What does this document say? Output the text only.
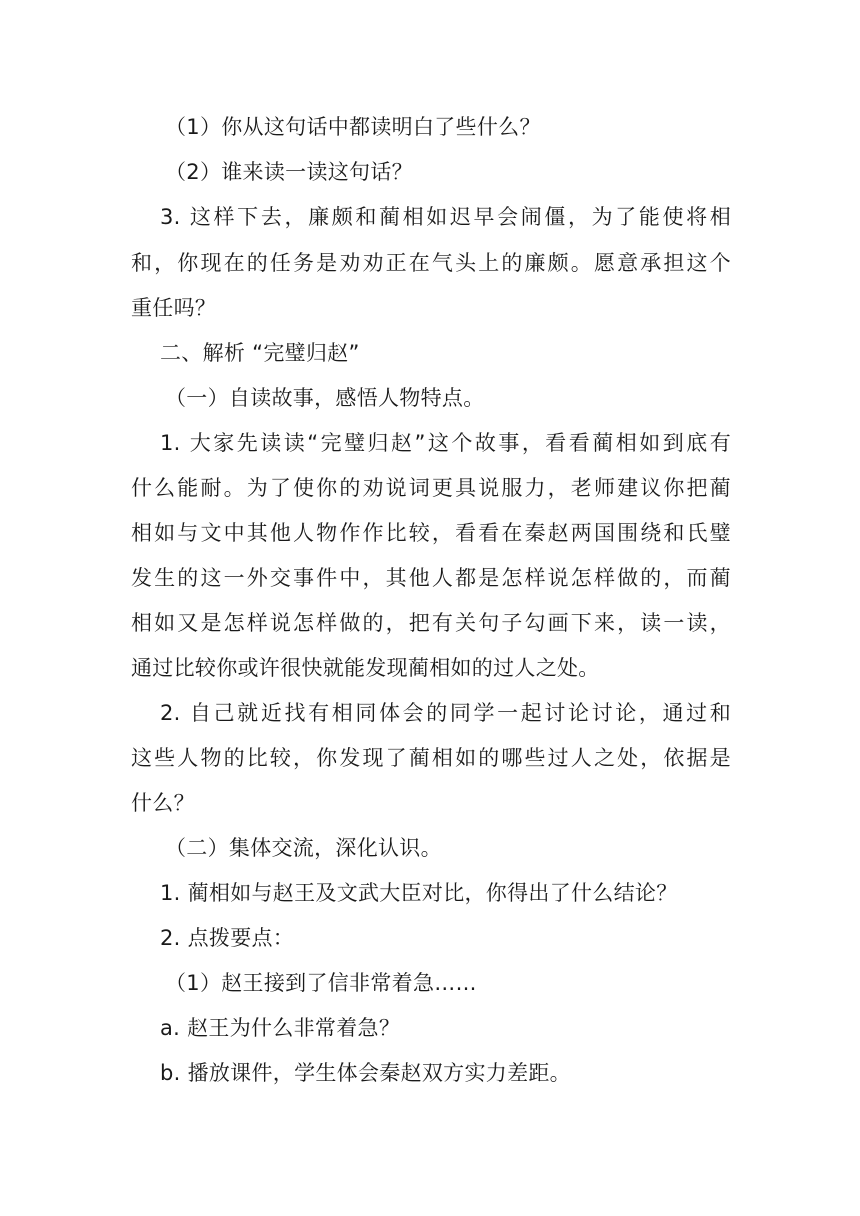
（1）你从这句话中都读明白了些什么？
（2）谁来读一读这句话？
3. 这样下去，廉颇和蔺相如迟早会闹僵，为了能使将相
和，你现在的任务是劝劝正在气头上的廉颇。愿意承担这个
重任吗？
二、解析 “完璧归赵”
（一）自读故事，感悟人物特点。
1. 大家先读读“完璧归赵”这个故事，看看蔺相如到底有
什么能耐。为了使你的劝说词更具说服力，老师建议你把蔺
相如与文中其他人物作作比较，看看在秦赵两国围绕和氏璧
发生的这一外交事件中，其他人都是怎样说怎样做的，而蔺
相如又是怎样说怎样做的，把有关句子勾画下来，读一读，
通过比较你或许很快就能发现蔺相如的过人之处。
2. 自己就近找有相同体会的同学一起讨论讨论，通过和
这些人物的比较，你发现了蔺相如的哪些过人之处，依据是
什么？
（二）集体交流，深化认识。
1. 蔺相如与赵王及文武大臣对比，你得出了什么结论？
2. 点拨要点：
（1）赵王接到了信非常着急……
a. 赵王为什么非常着急？
b. 播放课件，学生体会秦赵双方实力差距。
